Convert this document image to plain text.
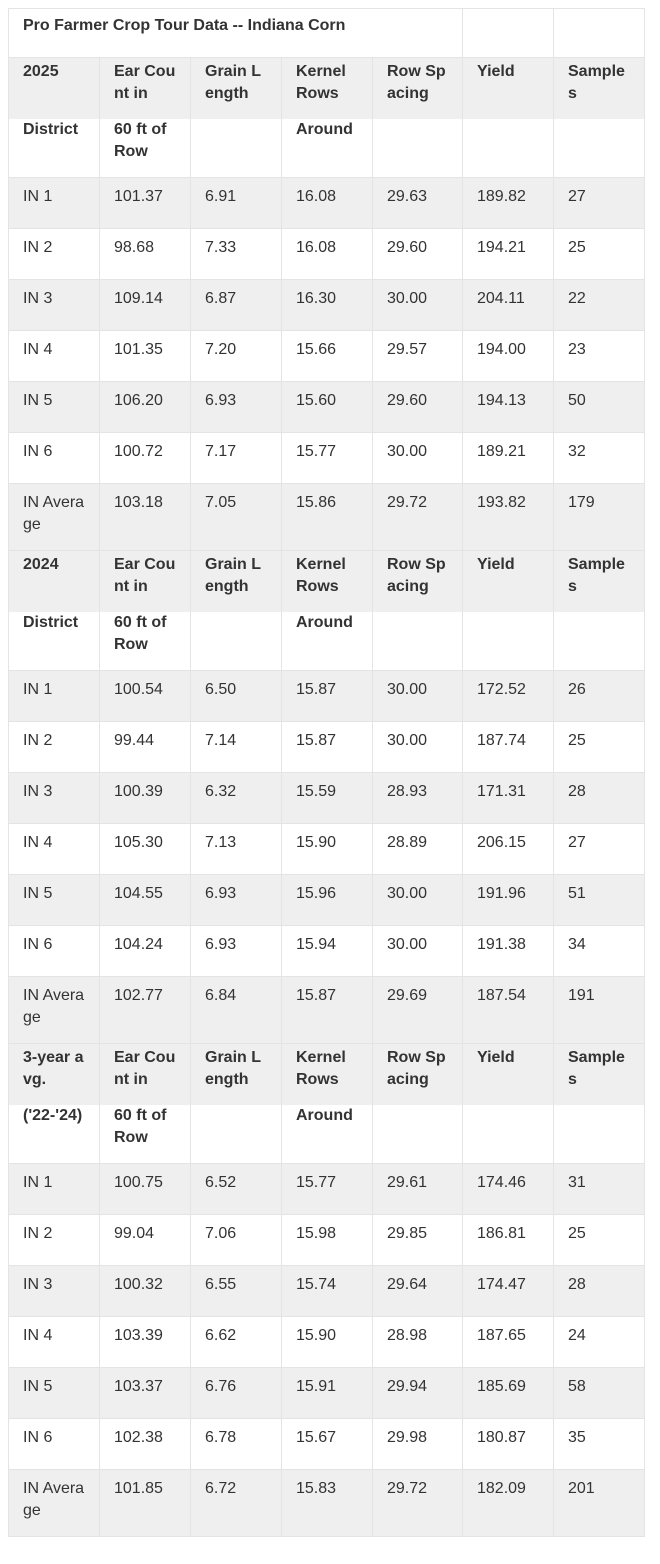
Pro Farmer Crop Tour Data -- Indiana Corn						
2025	Ear Count in	Grain Length	Kernel Rows	Row Spacing	Yield	Samples
District	60 ft of Row		Around			
IN 1	101.37	6.91	16.08	29.63	189.82	27
IN 2	98.68	7.33	16.08	29.60	194.21	25
IN 3	109.14	6.87	16.30	30.00	204.11	22
IN 4	101.35	7.20	15.66	29.57	194.00	23
IN 5	106.20	6.93	15.60	29.60	194.13	50
IN 6	100.72	7.17	15.77	30.00	189.21	32
IN Average	103.18	7.05	15.86	29.72	193.82	179
2024	Ear Count in	Grain Length	Kernel Rows	Row Spacing	Yield	Samples
District	60 ft of Row		Around			
IN 1	100.54	6.50	15.87	30.00	172.52	26
IN 2	99.44	7.14	15.87	30.00	187.74	25
IN 3	100.39	6.32	15.59	28.93	171.31	28
IN 4	105.30	7.13	15.90	28.89	206.15	27
IN 5	104.55	6.93	15.96	30.00	191.96	51
IN 6	104.24	6.93	15.94	30.00	191.38	34
IN Average	102.77	6.84	15.87	29.69	187.54	191
3-year avg.	Ear Count in	Grain Length	Kernel Rows	Row Spacing	Yield	Samples
('22-'24)	60 ft of Row		Around			
IN 1	100.75	6.52	15.77	29.61	174.46	31
IN 2	99.04	7.06	15.98	29.85	186.81	25
IN 3	100.32	6.55	15.74	29.64	174.47	28
IN 4	103.39	6.62	15.90	28.98	187.65	24
IN 5	103.37	6.76	15.91	29.94	185.69	58
IN 6	102.38	6.78	15.67	29.98	180.87	35
IN Average	101.85	6.72	15.83	29.72	182.09	201
